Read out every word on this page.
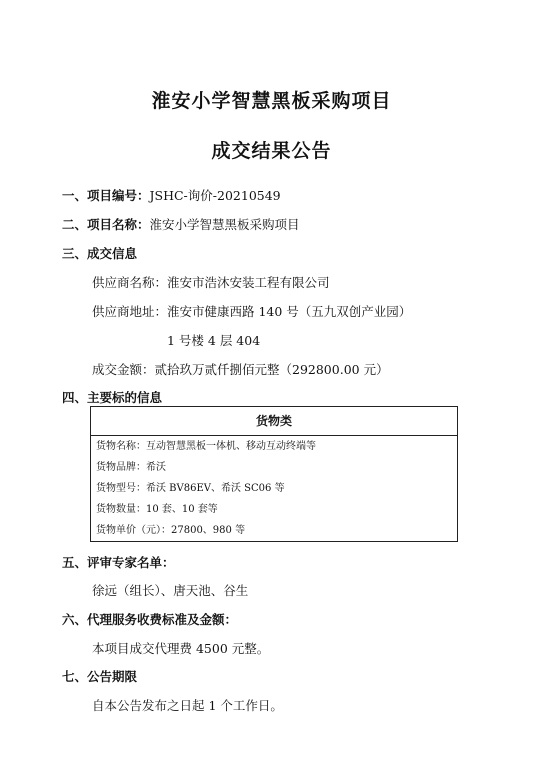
淮安小学智慧黑板采购项目
成交结果公告
一、项目编号：JSHC-询价-20210549
二、项目名称：淮安小学智慧黑板采购项目
三、成交信息
供应商名称：淮安市浩沐安装工程有限公司
供应商地址：淮安市健康西路 140 号（五九双创产业园）
1 号楼 4 层 404
成交金额：贰拾玖万贰仟捌佰元整（292800.00 元）
四、主要标的信息
货物类
货物名称：互动智慧黑板一体机、移动互动终端等
货物品牌：希沃
货物型号：希沃 BV86EV、希沃 SC06 等
货物数量：10 套、10 套等
货物单价（元）：27800、980 等
五、评审专家名单：
徐远（组长）、唐天池、谷生
六、代理服务收费标准及金额：
本项目成交代理费 4500 元整。
七、公告期限
自本公告发布之日起 1 个工作日。
